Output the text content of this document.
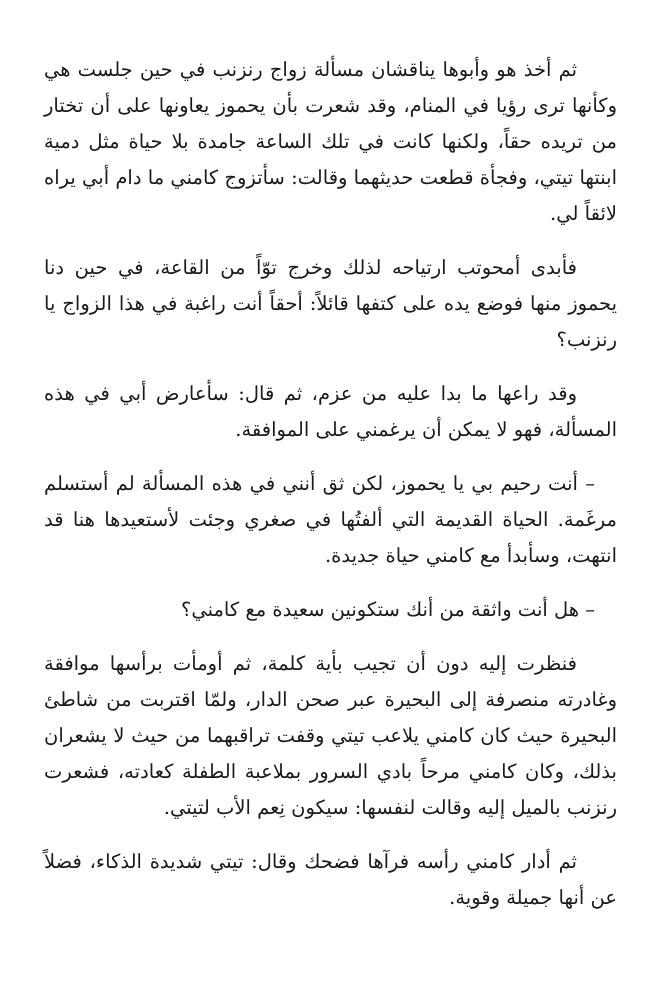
ثم أخذ هو وأبوها يناقشان مسألة زواج رنزنب في حين جلست هي وكأنها ترى رؤيا في المنام، وقد شعرت بأن يحموز يعاونها على أن تختار من تريده حقاً، ولكنها كانت في تلك الساعة جامدة بلا حياة مثل دمية ابنتها تيتي، وفجأة قطعت حديثهما وقالت: سأتزوج كامني ما دام أبي يراه لائقاً لي.

فأبدى أمحوتب ارتياحه لذلك وخرج توّاً من القاعة، في حين دنا يحموز منها فوضع يده على كتفها قائلاً: أحقاً أنت راغبة في هذا الزواج يا رنزنب؟

وقد راعها ما بدا عليه من عزم، ثم قال: سأعارض أبي في هذه المسألة، فهو لا يمكن أن يرغمني على الموافقة.

– أنت رحيم بي يا يحموز، لكن ثق أنني في هذه المسألة لم أستسلم مرغَمة. الحياة القديمة التي ألفتُها في صغري وجئت لأستعيدها هنا قد انتهت، وسأبدأ مع كامني حياة جديدة.

– هل أنت واثقة من أنك ستكونين سعيدة مع كامني؟

فنظرت إليه دون أن تجيب بأية كلمة، ثم أومأت برأسها موافقة وغادرته منصرفة إلى البحيرة عبر صحن الدار، ولمّا اقتربت من شاطئ البحيرة حيث كان كامني يلاعب تيتي وقفت تراقبهما من حيث لا يشعران بذلك، وكان كامني مرحاً بادي السرور بملاعبة الطفلة كعادته، فشعرت رنزنب بالميل إليه وقالت لنفسها: سيكون نِعم الأب لتيتي.

ثم أدار كامني رأسه فرآها فضحك وقال: تيتي شديدة الذكاء، فضلاً عن أنها جميلة وقوية.
